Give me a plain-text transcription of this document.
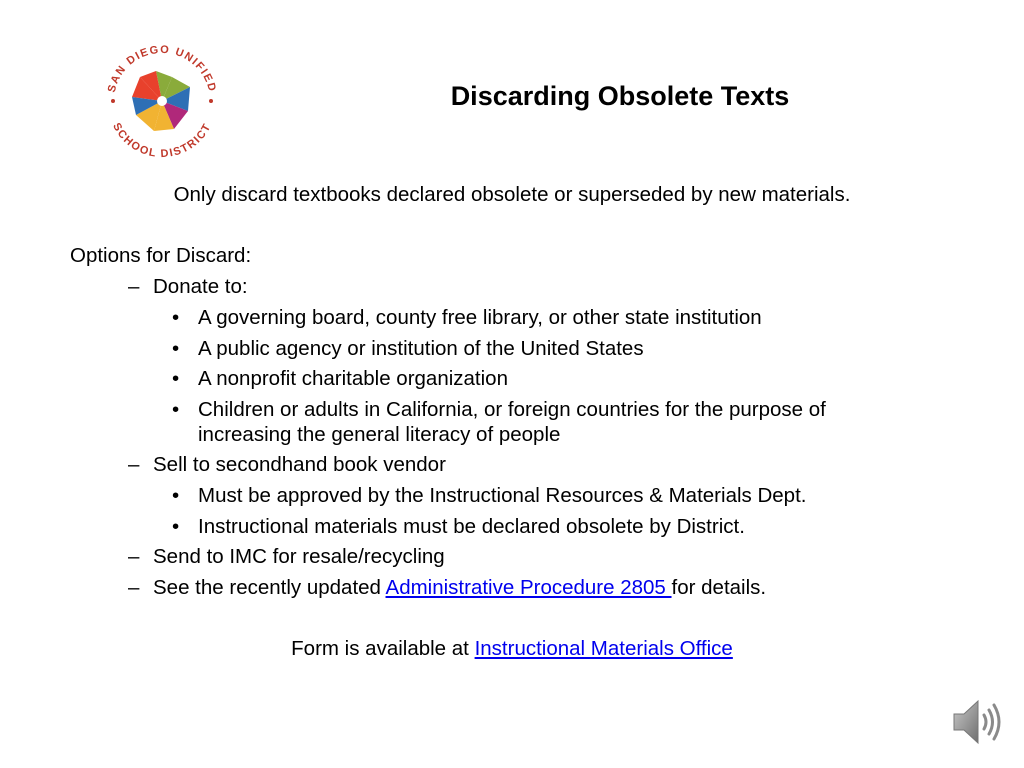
SAN DIEGO UNIFIED
SCHOOL DISTRICT
Discarding Obsolete Texts
Only discard textbooks declared obsolete or superseded by new materials.
Options for Discard:
– Donate to:
• A governing board, county free library, or other state institution
• A public agency or institution of the United States
• A nonprofit charitable organization
• Children or adults in California, or foreign countries for the purpose of
increasing the general literacy of people
– Sell to secondhand book vendor
• Must be approved by the Instructional Resources & Materials Dept.
• Instructional materials must be declared obsolete by District.
– Send to IMC for resale/recycling
– See the recently updated Administrative Procedure 2805 for details.
Form is available at Instructional Materials Office
